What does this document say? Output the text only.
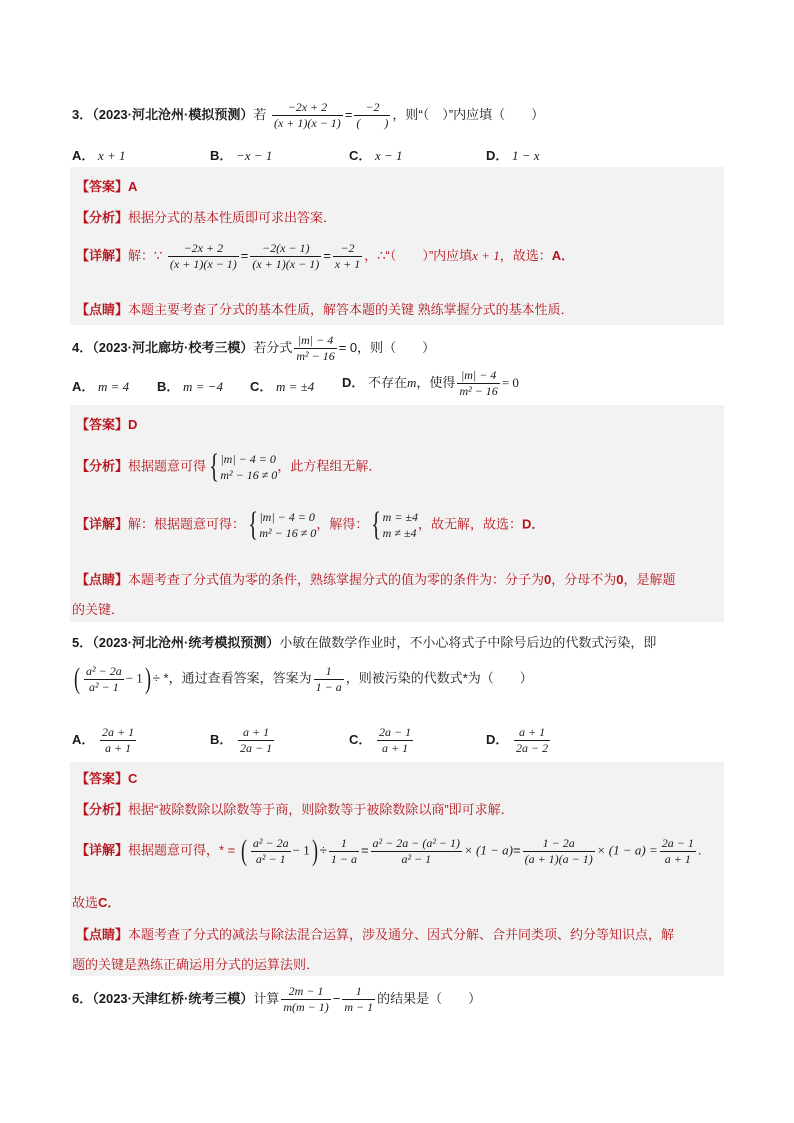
3．（2023·河北沧州·模拟预测）若 $\frac{-2x + 2}{(x + 1)(x - 1)} = \frac{-2}{( )}$ ，则“（　）”内应填（　　）
A． x + 1	B． −x − 1	C． x − 1	D． 1 − x
【答案】A
【分析】根据分式的基本性质即可求出答案．
【详解】解：∵ $\frac{-2x + 2}{(x + 1)(x - 1)} = \frac{-2(x - 1)}{(x + 1)(x - 1)} = \frac{-2}{x + 1}$ ，∴“（　　）”内应填x + 1，故选：A．
【点睛】本题主要考查了分式的基本性质，解答本题的关键 熟练掌握分式的基本性质．
4．（2023·河北廊坊·校考三模）若分式 $\frac{|m| - 4}{\text{m² − 16}} = 0$，则（　　）
A． m = 4 B． m = −4 C． m = ±4 D． 不存在m，使得 $\frac{|m| - 4}{\text{m² − 16}} = 0$
【答案】D
【分析】根据题意可得{ |m| − 4 = 0
m² − 16 ≠ 0
，此方程组无解．
【详解】解：根据题意可得：{ |m| − 4 = 0
m² − 16 ≠ 0
，解得：{ m = ±4
m ≠ ±4
，故无解，故选：D．
【点睛】本题考查了分式值为零的条件，熟练掌握分式的值为零的条件为：分子为0，分母不为0，是解题
的关键．
5．（2023·河北沧州·统考模拟预测）小敏在做数学作业时，不小心将式子中除号后边的代数式污染，即
( $\frac{\text{a² − 2a}}{\text{a² − 1}} - 1$) ÷ *，通过查看答案，答案为 $\frac{1}{1 - a}$ ，则被污染的代数式*为（　　）
A． $\frac{2a + 1}{a + 1}$	B． $\frac{a + 1}{2a - 1}$	C． $\frac{2a - 1}{a + 1}$	D． $\frac{a + 1}{2a - 2}$
【答案】C
【分析】根据“被除数除以除数等于商，则除数等于被除数除以商”即可求解．
【详解】根据题意可得，* = ( $\frac{\text{a² − 2a}}{\text{a² − 1}} - 1) \div \frac{1}{1 - a} = \frac{\text{a² − 2a − (a² − 1)}}{\text{a² − 1}} \times (1 - a)= \frac{1 - 2a}{(a + 1)(a - 1)} \times (1 - a) = \frac{2a - 1}{a + 1}$ .
故选C．
【点睛】本题考查了分式的减法与除法混合运算，涉及通分、因式分解、合并同类项、约分等知识点，解
题的关键是熟练正确运用分式的运算法则．
6．（2023·天津红桥·统考三模）计算 $\frac{2m - 1}{m(m - 1)} - \frac{1}{m - 1}$ 的结果是（　　）
